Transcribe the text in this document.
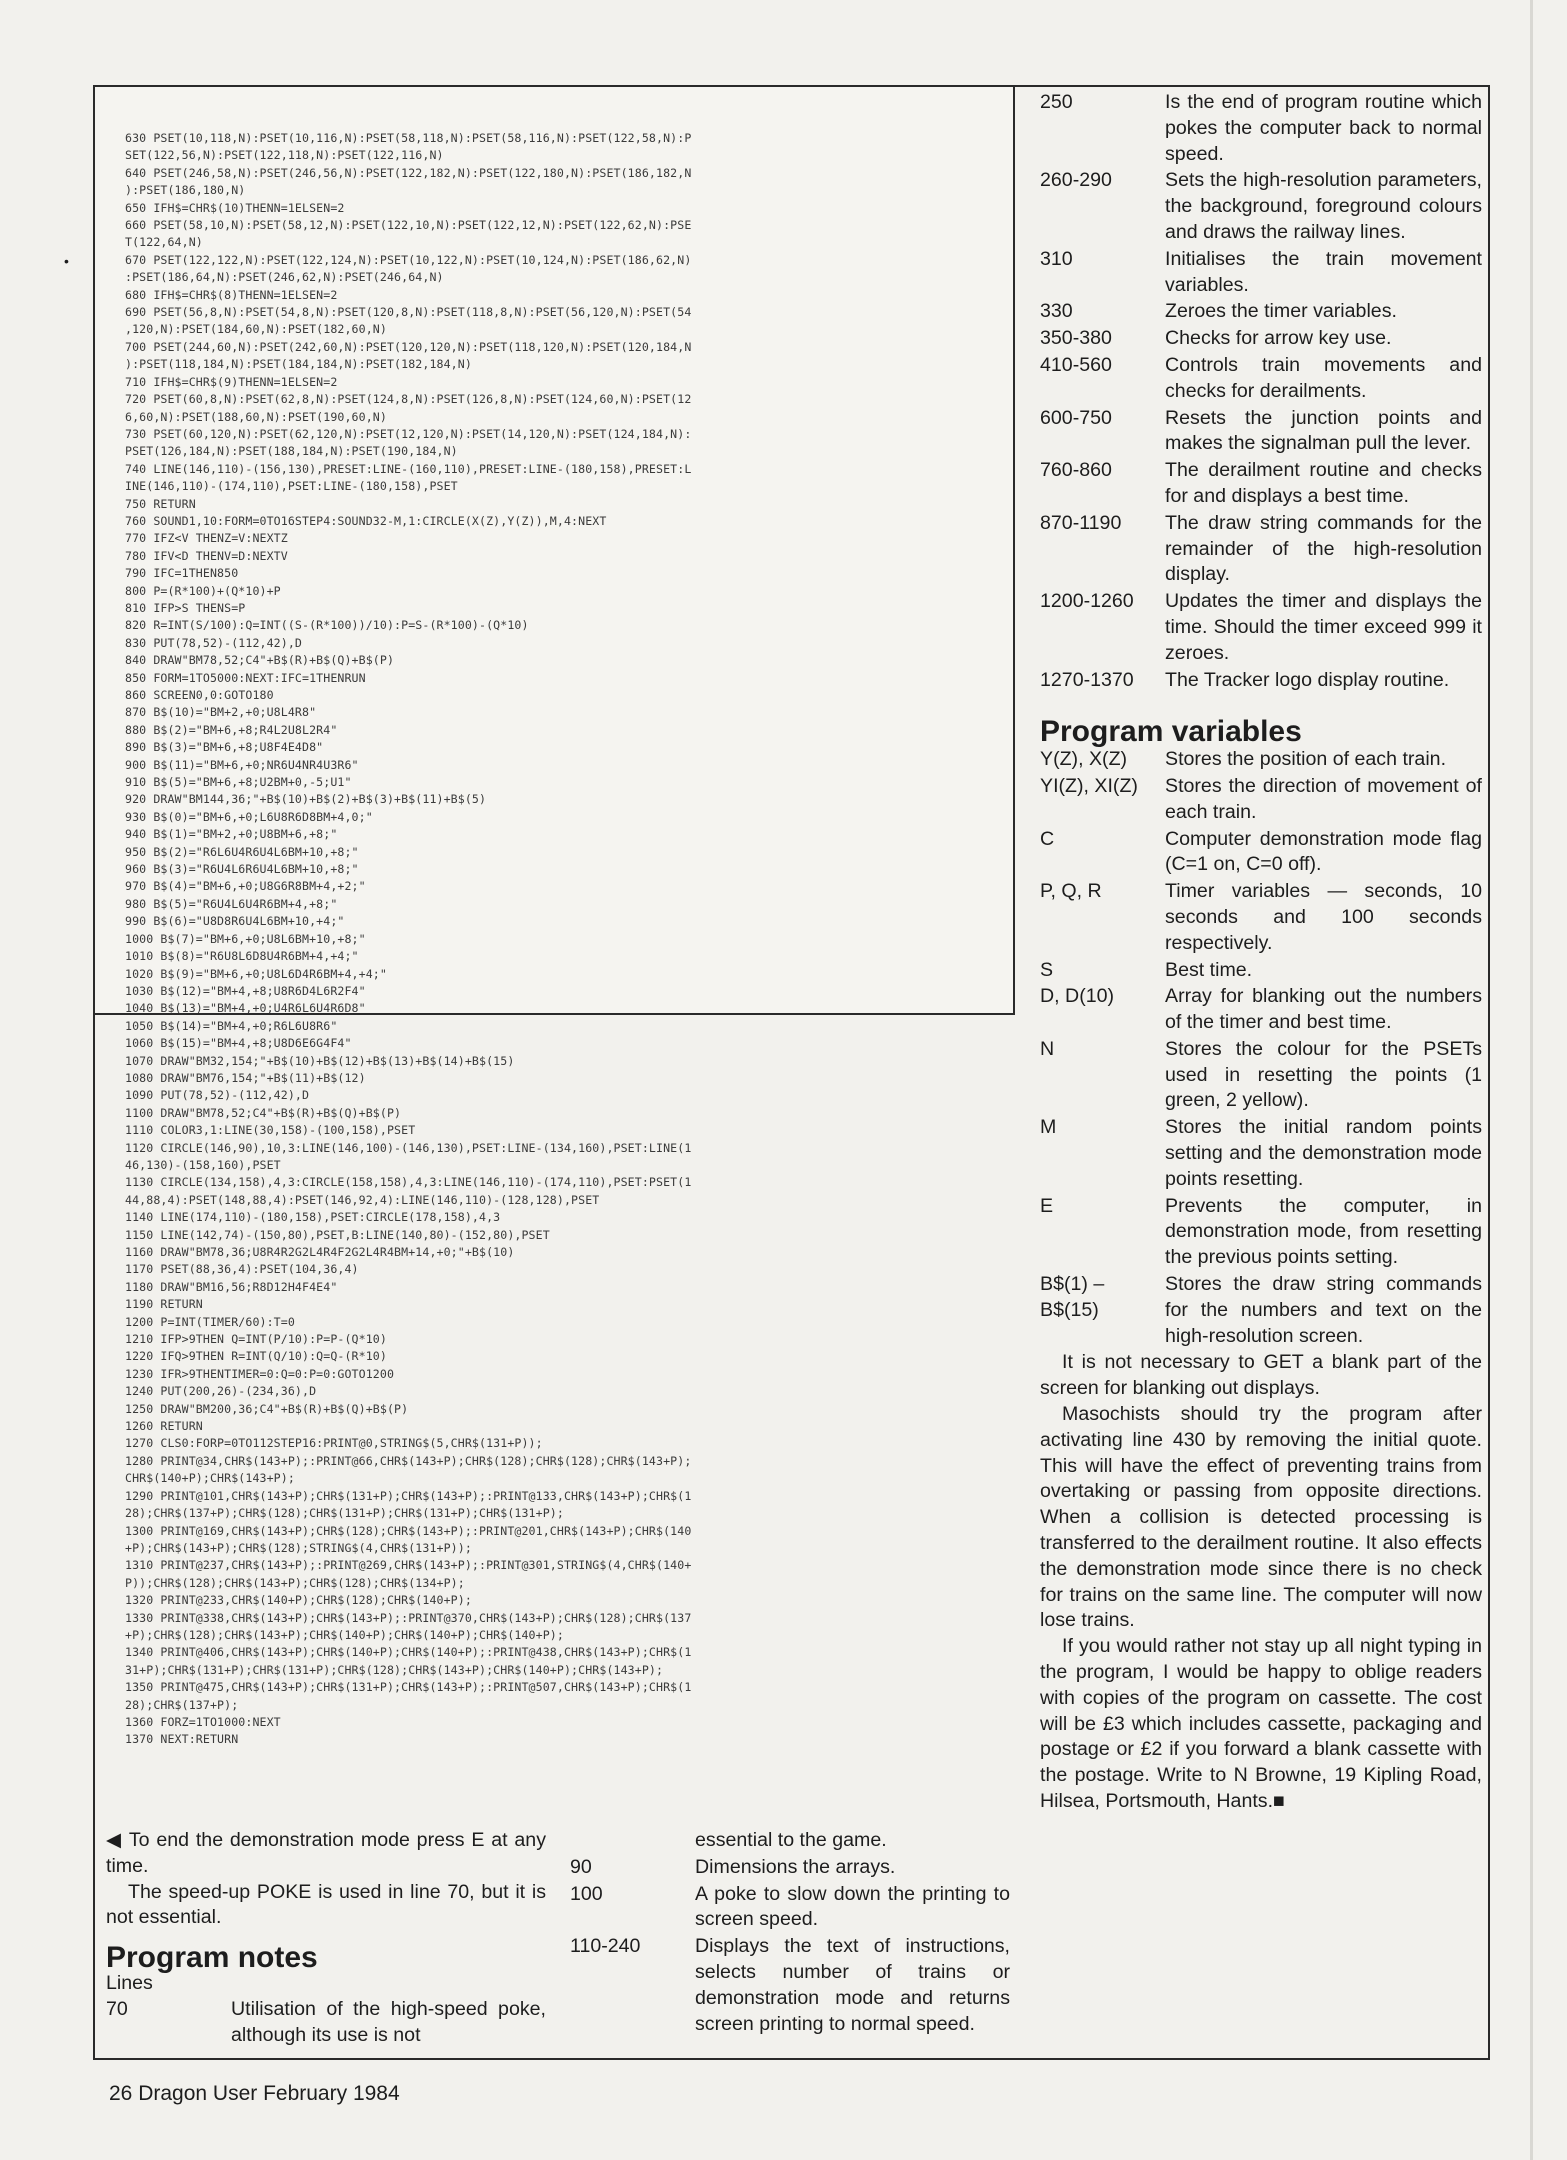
•
630 PSET(10,118,N):PSET(10,116,N):PSET(58,118,N):PSET(58,116,N):PSET(122,58,N):P
SET(122,56,N):PSET(122,118,N):PSET(122,116,N)
640 PSET(246,58,N):PSET(246,56,N):PSET(122,182,N):PSET(122,180,N):PSET(186,182,N
):PSET(186,180,N)
650 IFH$=CHR$(10)THENN=1ELSEN=2
660 PSET(58,10,N):PSET(58,12,N):PSET(122,10,N):PSET(122,12,N):PSET(122,62,N):PSE
T(122,64,N)
670 PSET(122,122,N):PSET(122,124,N):PSET(10,122,N):PSET(10,124,N):PSET(186,62,N)
:PSET(186,64,N):PSET(246,62,N):PSET(246,64,N)
680 IFH$=CHR$(8)THENN=1ELSEN=2
690 PSET(56,8,N):PSET(54,8,N):PSET(120,8,N):PSET(118,8,N):PSET(56,120,N):PSET(54
,120,N):PSET(184,60,N):PSET(182,60,N)
700 PSET(244,60,N):PSET(242,60,N):PSET(120,120,N):PSET(118,120,N):PSET(120,184,N
):PSET(118,184,N):PSET(184,184,N):PSET(182,184,N)
710 IFH$=CHR$(9)THENN=1ELSEN=2
720 PSET(60,8,N):PSET(62,8,N):PSET(124,8,N):PSET(126,8,N):PSET(124,60,N):PSET(12
6,60,N):PSET(188,60,N):PSET(190,60,N)
730 PSET(60,120,N):PSET(62,120,N):PSET(12,120,N):PSET(14,120,N):PSET(124,184,N):
PSET(126,184,N):PSET(188,184,N):PSET(190,184,N)
740 LINE(146,110)-(156,130),PRESET:LINE-(160,110),PRESET:LINE-(180,158),PRESET:L
INE(146,110)-(174,110),PSET:LINE-(180,158),PSET
750 RETURN
760 SOUND1,10:FORM=0TO16STEP4:SOUND32-M,1:CIRCLE(X(Z),Y(Z)),M,4:NEXT
770 IFZ<V THENZ=V:NEXTZ
780 IFV<D THENV=D:NEXTV
790 IFC=1THEN850
800 P=(R*100)+(Q*10)+P
810 IFP>S THENS=P
820 R=INT(S/100):Q=INT((S-(R*100))/10):P=S-(R*100)-(Q*10)
830 PUT(78,52)-(112,42),D
840 DRAW"BM78,52;C4"+B$(R)+B$(Q)+B$(P)
850 FORM=1TO5000:NEXT:IFC=1THENRUN
860 SCREEN0,0:GOTO180
870 B$(10)="BM+2,+0;U8L4R8"
880 B$(2)="BM+6,+8;R4L2U8L2R4"
890 B$(3)="BM+6,+8;U8F4E4D8"
900 B$(11)="BM+6,+0;NR6U4NR4U3R6"
910 B$(5)="BM+6,+8;U2BM+0,-5;U1"
920 DRAW"BM144,36;"+B$(10)+B$(2)+B$(3)+B$(11)+B$(5)
930 B$(0)="BM+6,+0;L6U8R6D8BM+4,0;"
940 B$(1)="BM+2,+0;U8BM+6,+8;"
950 B$(2)="R6L6U4R6U4L6BM+10,+8;"
960 B$(3)="R6U4L6R6U4L6BM+10,+8;"
970 B$(4)="BM+6,+0;U8G6R8BM+4,+2;"
980 B$(5)="R6U4L6U4R6BM+4,+8;"
990 B$(6)="U8D8R6U4L6BM+10,+4;"
1000 B$(7)="BM+6,+0;U8L6BM+10,+8;"
1010 B$(8)="R6U8L6D8U4R6BM+4,+4;"
1020 B$(9)="BM+6,+0;U8L6D4R6BM+4,+4;"
1030 B$(12)="BM+4,+8;U8R6D4L6R2F4"
1040 B$(13)="BM+4,+0;U4R6L6U4R6D8"
1050 B$(14)="BM+4,+0;R6L6U8R6"
1060 B$(15)="BM+4,+8;U8D6E6G4F4"
1070 DRAW"BM32,154;"+B$(10)+B$(12)+B$(13)+B$(14)+B$(15)
1080 DRAW"BM76,154;"+B$(11)+B$(12)
1090 PUT(78,52)-(112,42),D
1100 DRAW"BM78,52;C4"+B$(R)+B$(Q)+B$(P)
1110 COLOR3,1:LINE(30,158)-(100,158),PSET
1120 CIRCLE(146,90),10,3:LINE(146,100)-(146,130),PSET:LINE-(134,160),PSET:LINE(1
46,130)-(158,160),PSET
1130 CIRCLE(134,158),4,3:CIRCLE(158,158),4,3:LINE(146,110)-(174,110),PSET:PSET(1
44,88,4):PSET(148,88,4):PSET(146,92,4):LINE(146,110)-(128,128),PSET
1140 LINE(174,110)-(180,158),PSET:CIRCLE(178,158),4,3
1150 LINE(142,74)-(150,80),PSET,B:LINE(140,80)-(152,80),PSET
1160 DRAW"BM78,36;U8R4R2G2L4R4F2G2L4R4BM+14,+0;"+B$(10)
1170 PSET(88,36,4):PSET(104,36,4)
1180 DRAW"BM16,56;R8D12H4F4E4"
1190 RETURN
1200 P=INT(TIMER/60):T=0
1210 IFP>9THEN Q=INT(P/10):P=P-(Q*10)
1220 IFQ>9THEN R=INT(Q/10):Q=Q-(R*10)
1230 IFR>9THENTIMER=0:Q=0:P=0:GOTO1200
1240 PUT(200,26)-(234,36),D
1250 DRAW"BM200,36;C4"+B$(R)+B$(Q)+B$(P)
1260 RETURN
1270 CLS0:FORP=0TO112STEP16:PRINT@0,STRING$(5,CHR$(131+P));
1280 PRINT@34,CHR$(143+P);:PRINT@66,CHR$(143+P);CHR$(128);CHR$(128);CHR$(143+P);
CHR$(140+P);CHR$(143+P);
1290 PRINT@101,CHR$(143+P);CHR$(131+P);CHR$(143+P);:PRINT@133,CHR$(143+P);CHR$(1
28);CHR$(137+P);CHR$(128);CHR$(131+P);CHR$(131+P);CHR$(131+P);
1300 PRINT@169,CHR$(143+P);CHR$(128);CHR$(143+P);:PRINT@201,CHR$(143+P);CHR$(140
+P);CHR$(143+P);CHR$(128);STRING$(4,CHR$(131+P));
1310 PRINT@237,CHR$(143+P);:PRINT@269,CHR$(143+P);:PRINT@301,STRING$(4,CHR$(140+
P));CHR$(128);CHR$(143+P);CHR$(128);CHR$(134+P);
1320 PRINT@233,CHR$(140+P);CHR$(128);CHR$(140+P);
1330 PRINT@338,CHR$(143+P);CHR$(143+P);:PRINT@370,CHR$(143+P);CHR$(128);CHR$(137
+P);CHR$(128);CHR$(143+P);CHR$(140+P);CHR$(140+P);CHR$(140+P);
1340 PRINT@406,CHR$(143+P);CHR$(140+P);CHR$(140+P);:PRINT@438,CHR$(143+P);CHR$(1
31+P);CHR$(131+P);CHR$(131+P);CHR$(128);CHR$(143+P);CHR$(140+P);CHR$(143+P);
1350 PRINT@475,CHR$(143+P);CHR$(131+P);CHR$(143+P);:PRINT@507,CHR$(143+P);CHR$(1
28);CHR$(137+P);
1360 FORZ=1TO1000:NEXT
1370 NEXT:RETURN

250	Is the end of program routine which pokes the computer back to normal speed.
260-290	Sets the high-resolution parameters, the background, foreground colours and draws the railway lines.
310	Initialises the train movement variables.
330	Zeroes the timer variables.
350-380	Checks for arrow key use.
410-560	Controls train movements and checks for derailments.
600-750	Resets the junction points and makes the signalman pull the lever.
760-860	The derailment routine and checks for and displays a best time.
870-1190	The draw string commands for the remainder of the high-resolution display.
1200-1260	Updates the timer and displays the time. Should the timer exceed 999 it zeroes.
1270-1370	The Tracker logo display routine.
Program variables
Y(Z), X(Z)	Stores the position of each train.
YI(Z), XI(Z)	Stores the direction of movement of each train.
C	Computer demonstration mode flag (C=1 on, C=0 off).
P, Q, R	Timer variables — seconds, 10 seconds and 100 seconds respectively.
S	Best time.
D, D(10)	Array for blanking out the numbers of the timer and best time.
N	Stores the colour for the PSETs used in resetting the points (1 green, 2 yellow).
M	Stores the initial random points setting and the demonstration mode points resetting.
E	Prevents the computer, in demonstration mode, from resetting the previous points setting.
B$(1) – B$(15)
Stores the draw string commands for the numbers and text on the high-resolution screen.

It is not necessary to GET a blank part of the screen for blanking out displays.

Masochists should try the program after activating line 430 by removing the initial quote. This will have the effect of preventing trains from overtaking or passing from opposite directions. When a collision is detected processing is transferred to the derailment routine. It also effects the demonstration mode since there is no check for trains on the same line. The computer will now lose trains.

If you would rather not stay up all night typing in the program, I would be happy to oblige readers with copies of the program on cassette. The cost will be £3 which includes cassette, packaging and postage or £2 if you forward a blank cassette with the postage. Write to N Browne, 19 Kipling Road, Hilsea, Portsmouth, Hants.■

◀ To end the demonstration mode press E at any time.

The speed-up POKE is used in line 70, but it is not essential.

Program notes
Lines
70	Utilisation of the high-speed poke, although its use is not
essential to the game.
90	Dimensions the arrays.
100	A poke to slow down the printing to screen speed.
110-240	Displays the text of instructions, selects number of trains or demonstration mode and returns screen printing to normal speed.
26 Dragon User February 1984
